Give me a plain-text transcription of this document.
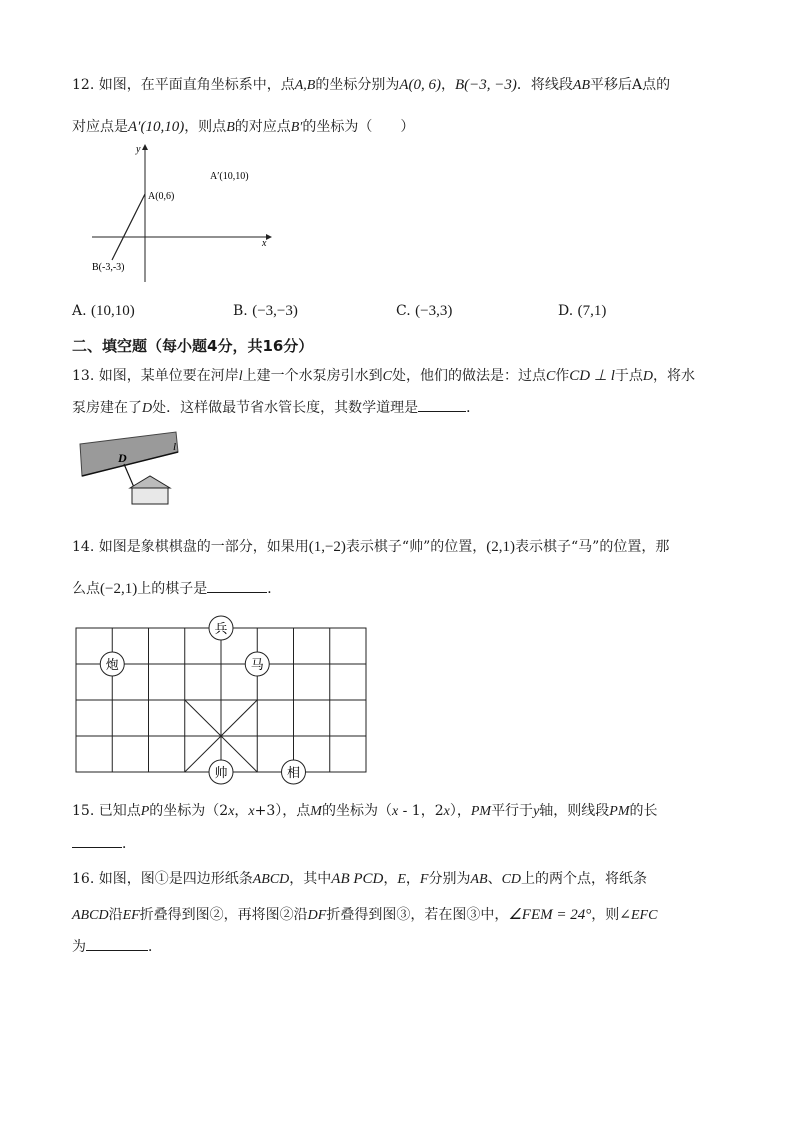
12. 如图，在平面直角坐标系中，点A,B的坐标分别为A(0, 6)，B(−3, −3)．将线段AB平移后A点的
对应点是A′(10,10)，则点B的对应点B′的坐标为（　　）
y
x
A(0,6)
A′(10,10)
B(-3,-3)
A. (10,10)	B. (−3,−3)	C. (−3,3)	D. (7,1)
二、填空题（每小题4分，共16分）
13. 如图，某单位要在河岸l上建一个水泵房引水到C处，他们的做法是：过点C作CD ⊥ l于点D，将水
泵房建在了D处．这样做最节省水管长度，其数学道理是	．
D
l
14. 如图是象棋棋盘的一部分，如果用(1,−2)表示棋子“帅”的位置，(2,1)表示棋子“马”的位置，那
么点(−2,1)上的棋子是	．
兵
炮	马
帅	相
15. 已知点P的坐标为（2x，x+3），点M的坐标为（x - 1，2x），PM平行于y轴，则线段PM的长
．
16. 如图，图①是四边形纸条ABCD，其中AB PCD，E，F分别为AB、CD上的两个点，将纸条
ABCD沿EF折叠得到图②，再将图②沿DF折叠得到图③，若在图③中，∠FEM = 24°，则∠EFC
为	．
